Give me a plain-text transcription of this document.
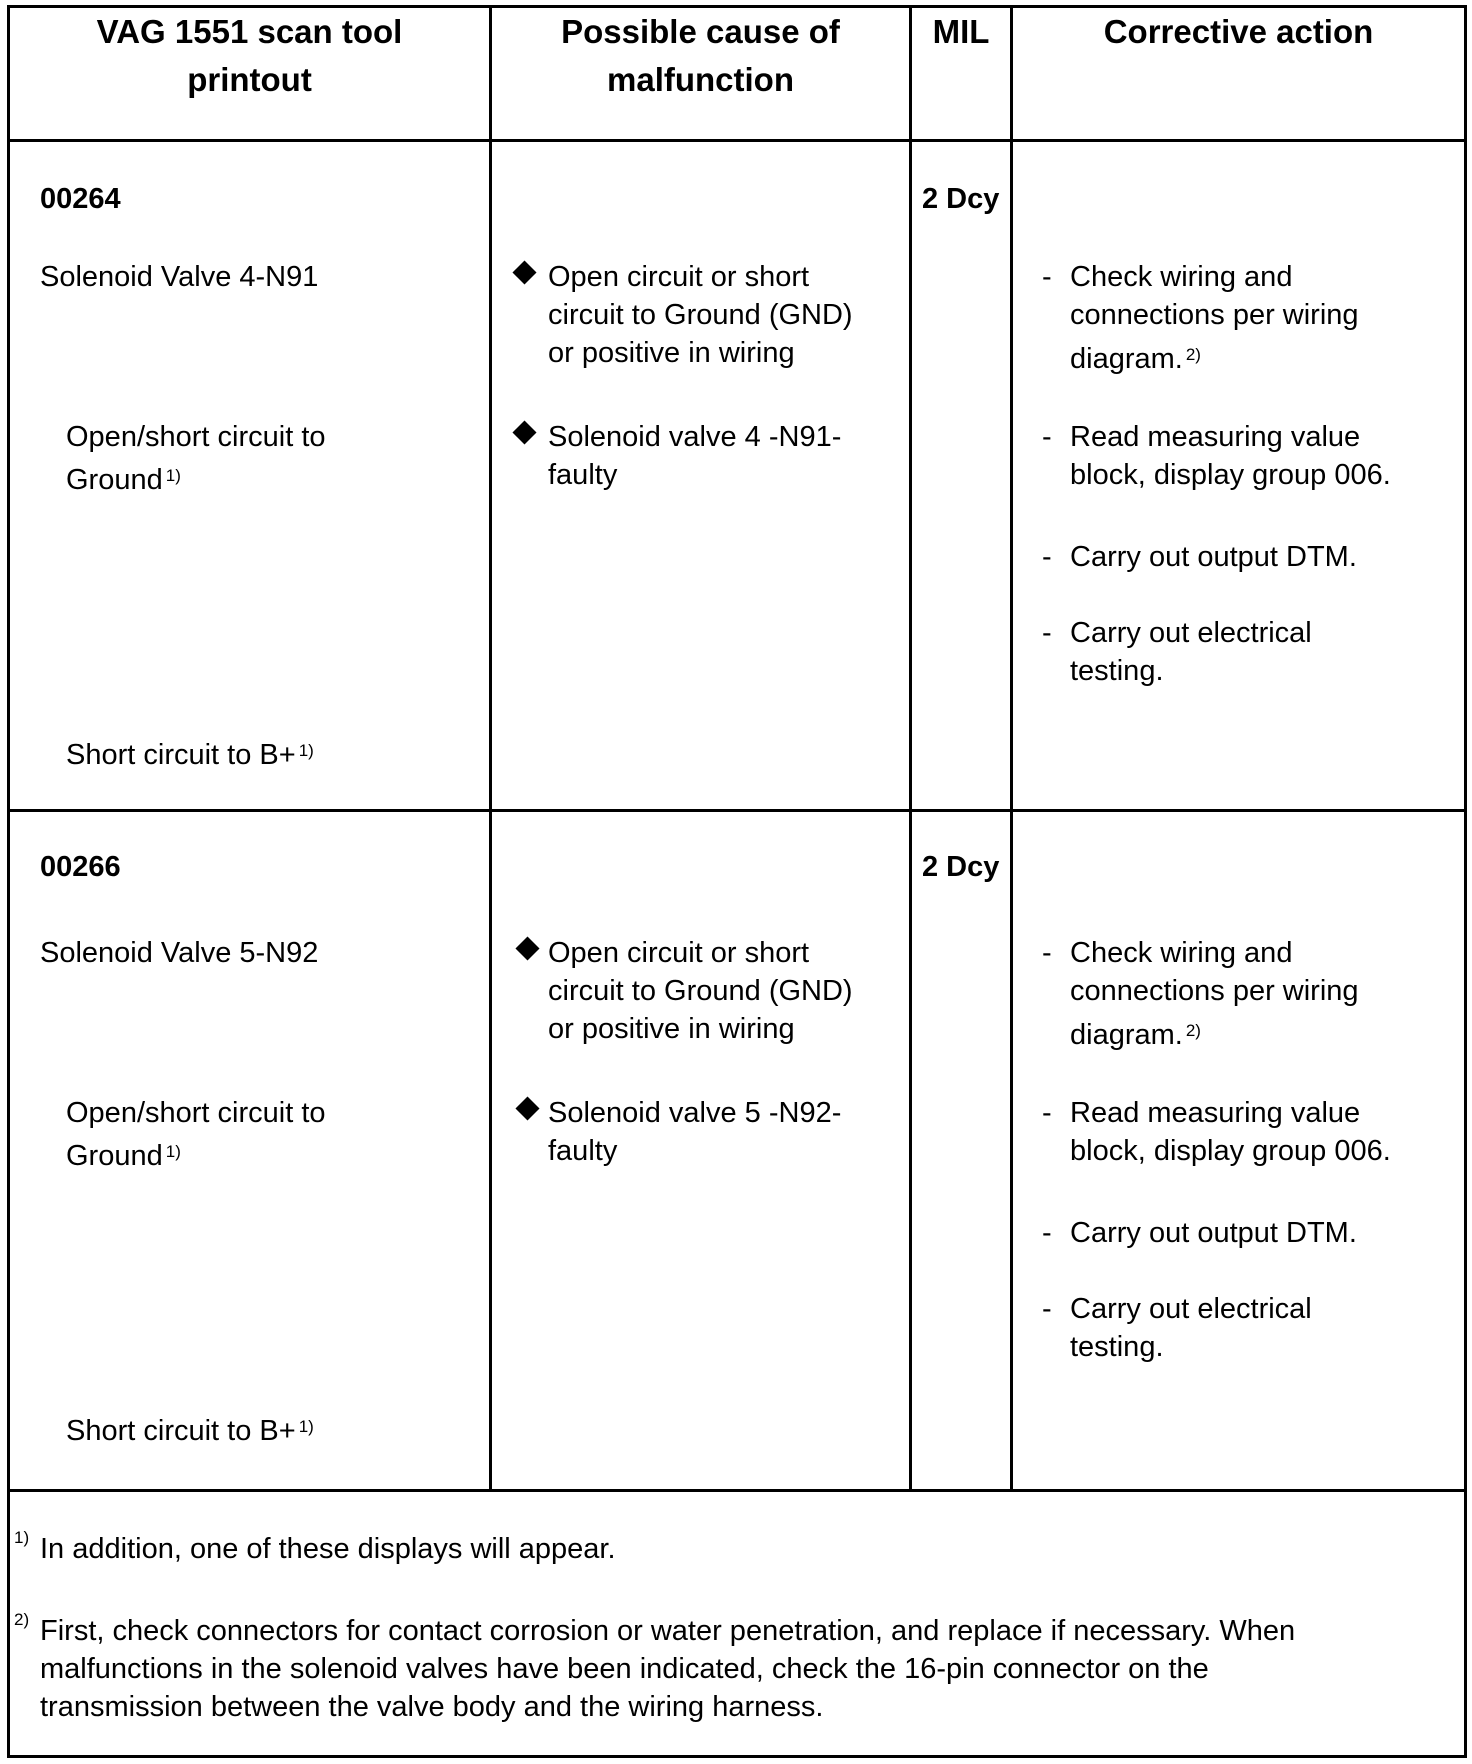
VAG 1551 scan tool printout
Possible cause of malfunction
MIL	Corrective action
00264
Solenoid Valve 4-N91
Open/short circuit to
Ground $^{1)}$
Short circuit to B+ $^{1)}$
2 Dcy
Open circuit or short
circuit to Ground (GND)
or positive in wiring
Solenoid valve 4 -N91-
faulty
- Check wiring and
connections per wiring
diagram. $^{2)}$
- Read measuring value
block, display group 006.
- Carry out output DTM.
- Carry out electrical
testing.
00266
Solenoid Valve 5-N92
Open/short circuit to
Ground $^{1)}$
Short circuit to B+ $^{1)}$
2 Dcy
Open circuit or short
circuit to Ground (GND)
or positive in wiring
Solenoid valve 5 -N92-
faulty
- Check wiring and
connections per wiring
diagram. $^{2)}$
- Read measuring value
block, display group 006.
- Carry out output DTM.
- Carry out electrical
testing.
1) In addition, one of these displays will appear.
2) First, check connectors for contact corrosion or water penetration, and replace if necessary. When
malfunctions in the solenoid valves have been indicated, check the 16-pin connector on the
transmission between the valve body and the wiring harness.
